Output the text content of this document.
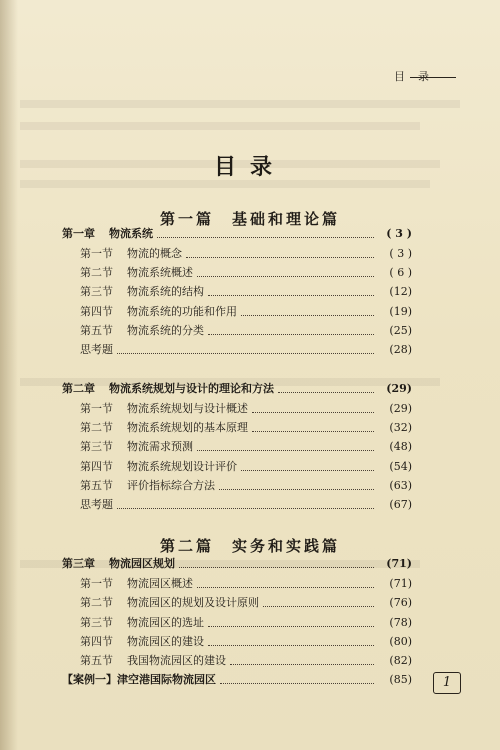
目　录
目录
第一篇　基础和理论篇
第二篇　实务和实践篇
第一章 物流系统	( 3 )
第一节 物流的概念	( 3 )
第二节 物流系统概述	( 6 )
第三节 物流系统的结构	(12)
第四节 物流系统的功能和作用	(19)
第五节 物流系统的分类	(25)
思考题	(28)
第二章 物流系统规划与设计的理论和方法	(29)
第一节 物流系统规划与设计概述	(29)
第二节 物流系统规划的基本原理	(32)
第三节 物流需求预测	(48)
第四节 物流系统规划设计评价	(54)
第五节 评价指标综合方法	(63)
思考题	(67)
第三章 物流园区规划	(71)
第一节 物流园区概述	(71)
第二节 物流园区的规划及设计原则	(76)
第三节 物流园区的选址	(78)
第四节 物流园区的建设	(80)
第五节 我国物流园区的建设	(82)
【案例一】津空港国际物流园区	(85)	1
